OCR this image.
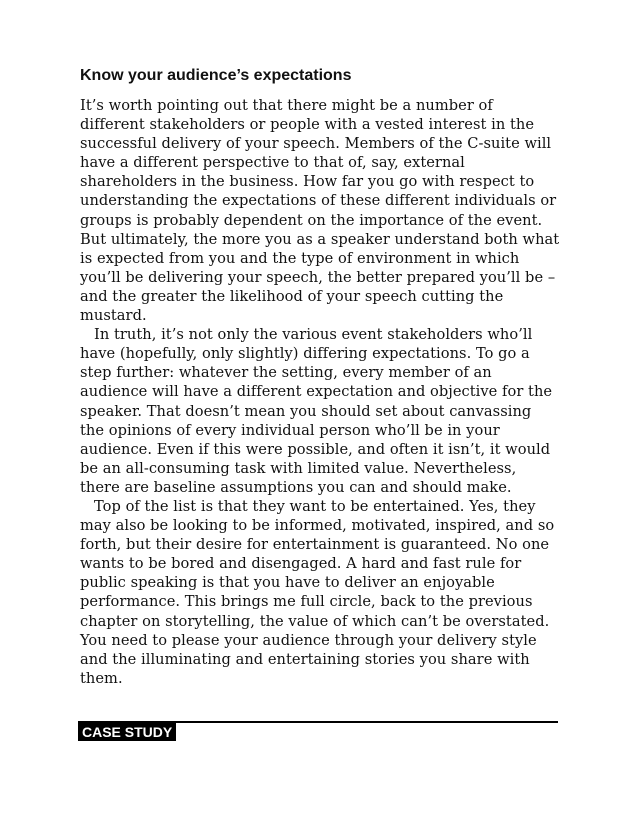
Know your audience’s expectations

It’s worth pointing out that there might be a number of different stakeholders or people with a vested interest in the successful delivery of your speech. Members of the C-suite will have a different perspective to that of, say, external shareholders in the business. How far you go with respect to understanding the expectations of these different individuals or groups is probably dependent on the importance of the event. But ultimately, the more you as a speaker understand both what is expected from you and the type of environment in which you’ll be delivering your speech, the better prepared you’ll be – and the greater the likelihood of your speech cutting the mustard.

In truth, it’s not only the various event stakeholders who’ll have (hopefully, only slightly) differing expectations. To go a step further: whatever the setting, every member of an audience will have a different expectation and objective for the speaker. That doesn’t mean you should set about canvassing the opinions of every individual person who’ll be in your audience. Even if this were possible, and often it isn’t, it would be an all-consuming task with limited value. Nevertheless, there are baseline assumptions you can and should make.

Top of the list is that they want to be entertained. Yes, they may also be looking to be informed, motivated, inspired, and so forth, but their desire for entertainment is guaranteed. No one wants to be bored and disengaged. A hard and fast rule for public speaking is that you have to deliver an enjoyable performance. This brings me full circle, back to the previous chapter on storytelling, the value of which can’t be overstated. You need to please your audience through your delivery style and the illuminating and entertaining stories you share with them.

CASE STUDY
